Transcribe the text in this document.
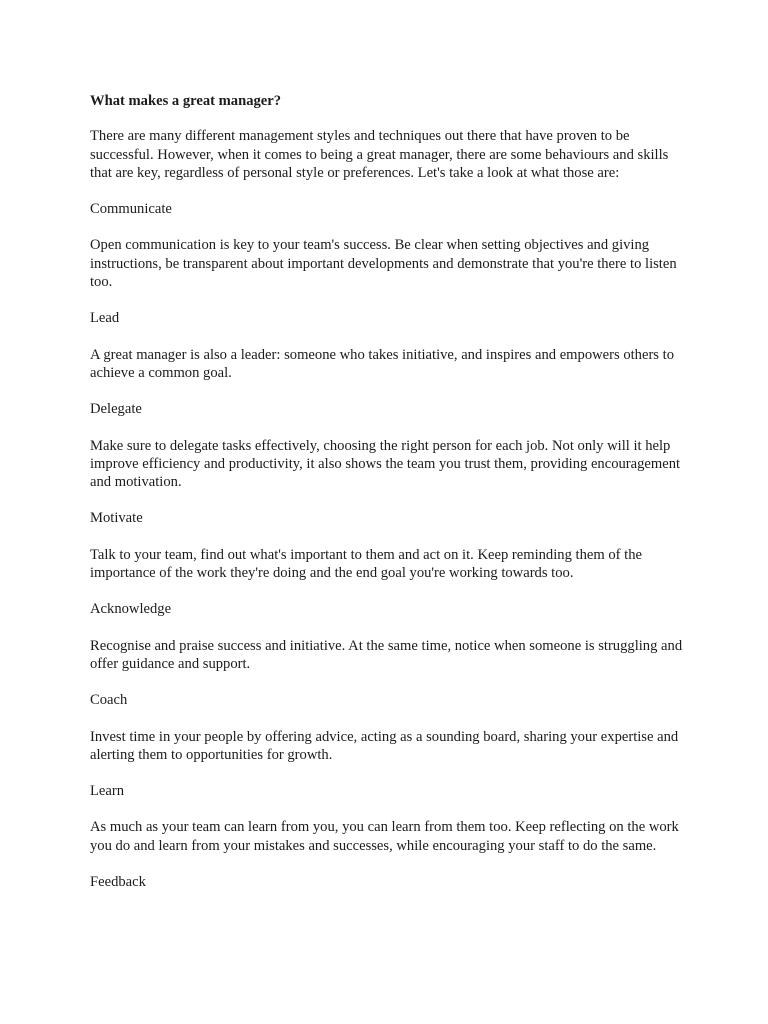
What makes a great manager?

There are many different management styles and techniques out there that have proven to be successful. However, when it comes to being a great manager, there are some behaviours and skills that are key, regardless of personal style or preferences. Let's take a look at what those are:

Communicate

Open communication is key to your team's success. Be clear when setting objectives and giving instructions, be transparent about important developments and demonstrate that you're there to listen too.

Lead

A great manager is also a leader: someone who takes initiative, and inspires and empowers others to achieve a common goal.

Delegate

Make sure to delegate tasks effectively, choosing the right person for each job. Not only will it help improve efficiency and productivity, it also shows the team you trust them, providing encouragement and motivation.

Motivate

Talk to your team, find out what's important to them and act on it. Keep reminding them of the importance of the work they're doing and the end goal you're working towards too.

Acknowledge

Recognise and praise success and initiative. At the same time, notice when someone is struggling and offer guidance and support.

Coach

Invest time in your people by offering advice, acting as a sounding board, sharing your expertise and alerting them to opportunities for growth.

Learn

As much as your team can learn from you, you can learn from them too. Keep reflecting on the work you do and learn from your mistakes and successes, while encouraging your staff to do the same.

Feedback
